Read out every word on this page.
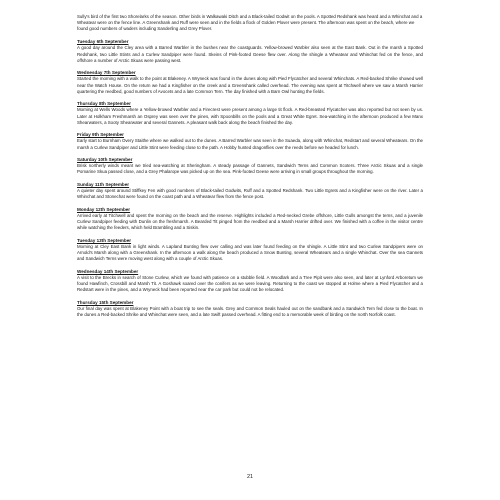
Sully's bird of the first two Shorelarks of the season. Other birds in Walkawaki Ditch and a Black-tailed Godwit on the pools. A Spotted Redshank was heard and a Whinchat and a Wheatear were on the fence line. A Greenshank and Ruff were seen and in the fields a flock of Golden Plover were present. The afternoon was spent on the beach, where we found good numbers of waders including Sanderling and Grey Plover.

Tuesday 6th September

A good day around the Cley area with a Barred Warbler in the bushes near the coastguards. Yellow-browed Warbler also seen at the East Bank. Out in the marsh a Spotted Redshank, two Little Stints and a Curlew Sandpiper were found. Skeins of Pink-footed Geese flew over. Along the shingle a Wheatear and Whinchat fed on the fence, and offshore a number of Arctic Skuas were passing west.

Wednesday 7th September

Started the morning with a walk to the point at Blakeney. A Wryneck was found in the dunes along with Pied Flycatcher and several Whinchats. A Red-backed Shrike showed well near the Watch House. On the return we had a Kingfisher on the creek and a Greenshank called overhead. The evening was spent at Titchwell where we saw a Marsh Harrier quartering the reedbed, good numbers of Avocets and a late Common Tern. The day finished with a Barn Owl hunting the fields.

Thursday 8th September

Morning at Wells Woods where a Yellow-browed Warbler and a Firecrest were present among a large tit flock. A Red-breasted Flycatcher was also reported but not seen by us. Later at Holkham Freshmarsh an Osprey was seen over the pines, with Spoonbills on the pools and a Great White Egret. Sea-watching in the afternoon produced a few Manx Shearwaters, a Sooty Shearwater and several Gannets. A pleasant walk back along the beach finished the day.

Friday 9th September

Early start to Burnham Overy Staithe where we walked out to the dunes. A Barred Warbler was seen in the Suaeda, along with Whinchat, Redstart and several Wheatears. On the marsh a Curlew Sandpiper and Little Stint were feeding close to the path. A Hobby hunted dragonflies over the reeds before we headed for lunch.

Saturday 10th September

Brisk northerly winds meant we tried sea-watching at Sheringham. A steady passage of Gannets, Sandwich Terns and Common Scoters. Three Arctic Skuas and a single Pomarine Skua passed close, and a Grey Phalarope was picked up on the sea. Pink-footed Geese were arriving in small groups throughout the morning.

Sunday 11th September

A quieter day spent around Stiffkey Fen with good numbers of Black-tailed Godwits, Ruff and a Spotted Redshank. Two Little Egrets and a Kingfisher were on the river. Later a Whinchat and Stonechat were found on the coast path and a Wheatear flew from the fence post.

Monday 12th September

Arrived early at Titchwell and spent the morning on the beach and the reserve. Highlights included a Red-necked Grebe offshore, Little Gulls amongst the terns, and a juvenile Curlew Sandpiper feeding with Dunlin on the freshmarsh. A Bearded Tit pinged from the reedbed and a Marsh Harrier drifted over. We finished with a coffee in the visitor centre while watching the feeders, which held Brambling and a Siskin.

Tuesday 13th September

Morning at Cley East Bank in light winds. A Lapland Bunting flew over calling and was later found feeding on the shingle. A Little Stint and two Curlew Sandpipers were on Arnold's Marsh along with a Greenshank. In the afternoon a walk along the beach produced a Snow Bunting, several Wheatears and a single Whinchat. Over the sea Gannets and Sandwich Terns were moving west along with a couple of Arctic Skuas.

Wednesday 14th September

A visit to the Brecks in search of Stone Curlew, which we found with patience on a stubble field. A Woodlark and a Tree Pipit were also seen, and later at Lynford Arboretum we found Hawfinch, Crossbill and Marsh Tit. A Goshawk soared over the conifers as we were leaving. Returning to the coast we stopped at Holme where a Pied Flycatcher and a Redstart were in the pines, and a Wryneck had been reported near the car park but could not be relocated.

Thursday 15th September

Our final day was spent at Blakeney Point with a boat trip to see the seals. Grey and Common Seals hauled out on the sandbank and a Sandwich Tern fed close to the boat. In the dunes a Red-backed Shrike and Whinchat were seen, and a late Swift passed overhead. A fitting end to a memorable week of birding on the north Norfolk coast.

21
